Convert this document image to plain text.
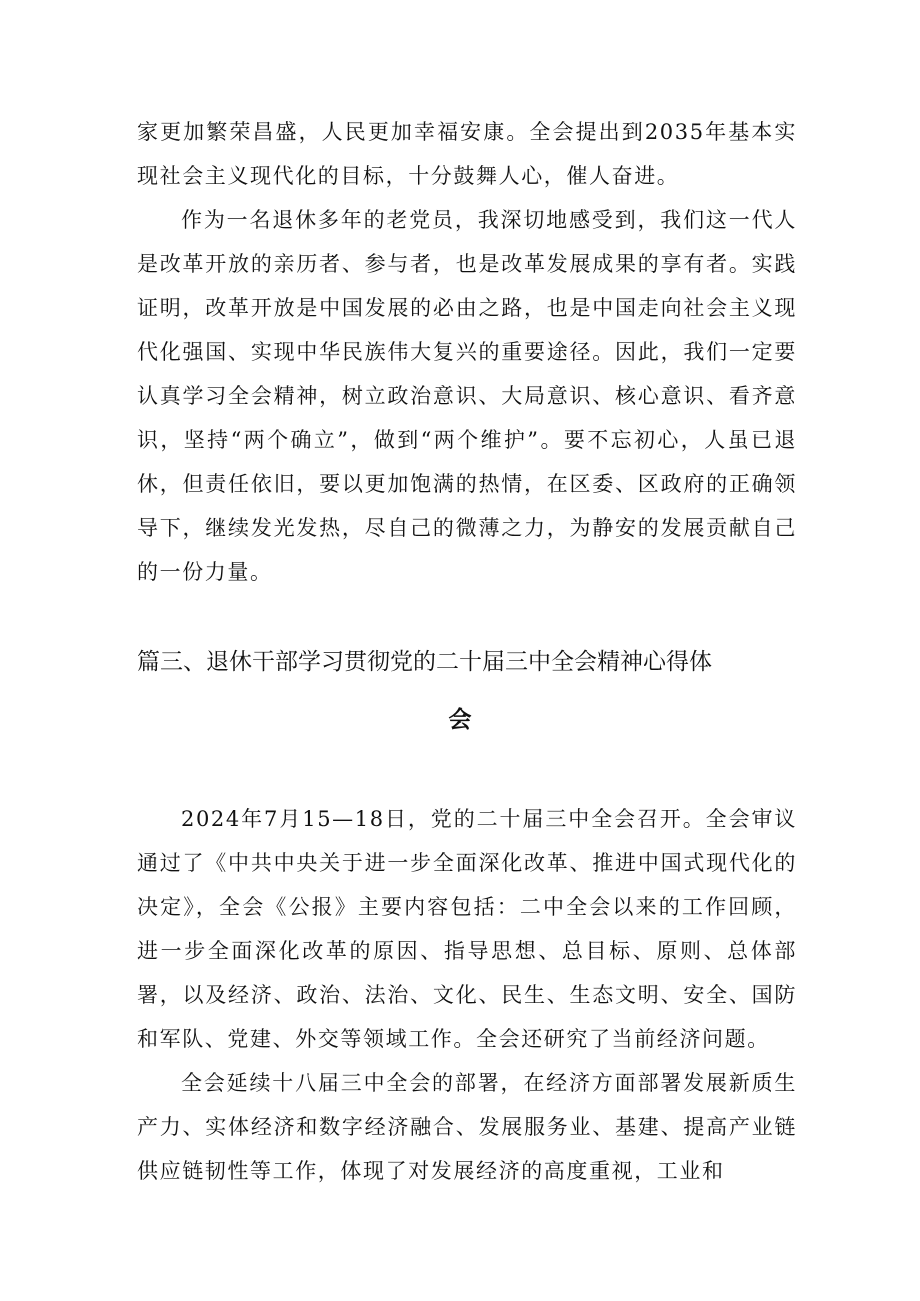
家更加繁荣昌盛，人民更加幸福安康。全会提出到2035年基本实现社会主义现代化的目标，十分鼓舞人心，催人奋进。

作为一名退休多年的老党员，我深切地感受到，我们这一代人是改革开放的亲历者、参与者，也是改革发展成果的享有者。实践证明，改革开放是中国发展的必由之路，也是中国走向社会主义现代化强国、实现中华民族伟大复兴的重要途径。因此，我们一定要认真学习全会精神，树立政治意识、大局意识、核心意识、看齐意识，坚持“两个确立”，做到“两个维护”。要不忘初心，人虽已退休，但责任依旧，要以更加饱满的热情，在区委、区政府的正确领导下，继续发光发热，尽自己的微薄之力，为静安的发展贡献自己的一份力量。

篇三、退休干部学习贯彻党的二十届三中全会精神心得体
会

2024年7月15—18日，党的二十届三中全会召开。全会审议通过了《中共中央关于进一步全面深化改革、推进中国式现代化的决定》，全会《公报》主要内容包括：二中全会以来的工作回顾，进一步全面深化改革的原因、指导思想、总目标、原则、总体部署，以及经济、政治、法治、文化、民生、生态文明、安全、国防和军队、党建、外交等领域工作。全会还研究了当前经济问题。

全会延续十八届三中全会的部署，在经济方面部署发展新质生产力、实体经济和数字经济融合、发展服务业、基建、提高产业链供应链韧性等工作，体现了对发展经济的高度重视，工业和
